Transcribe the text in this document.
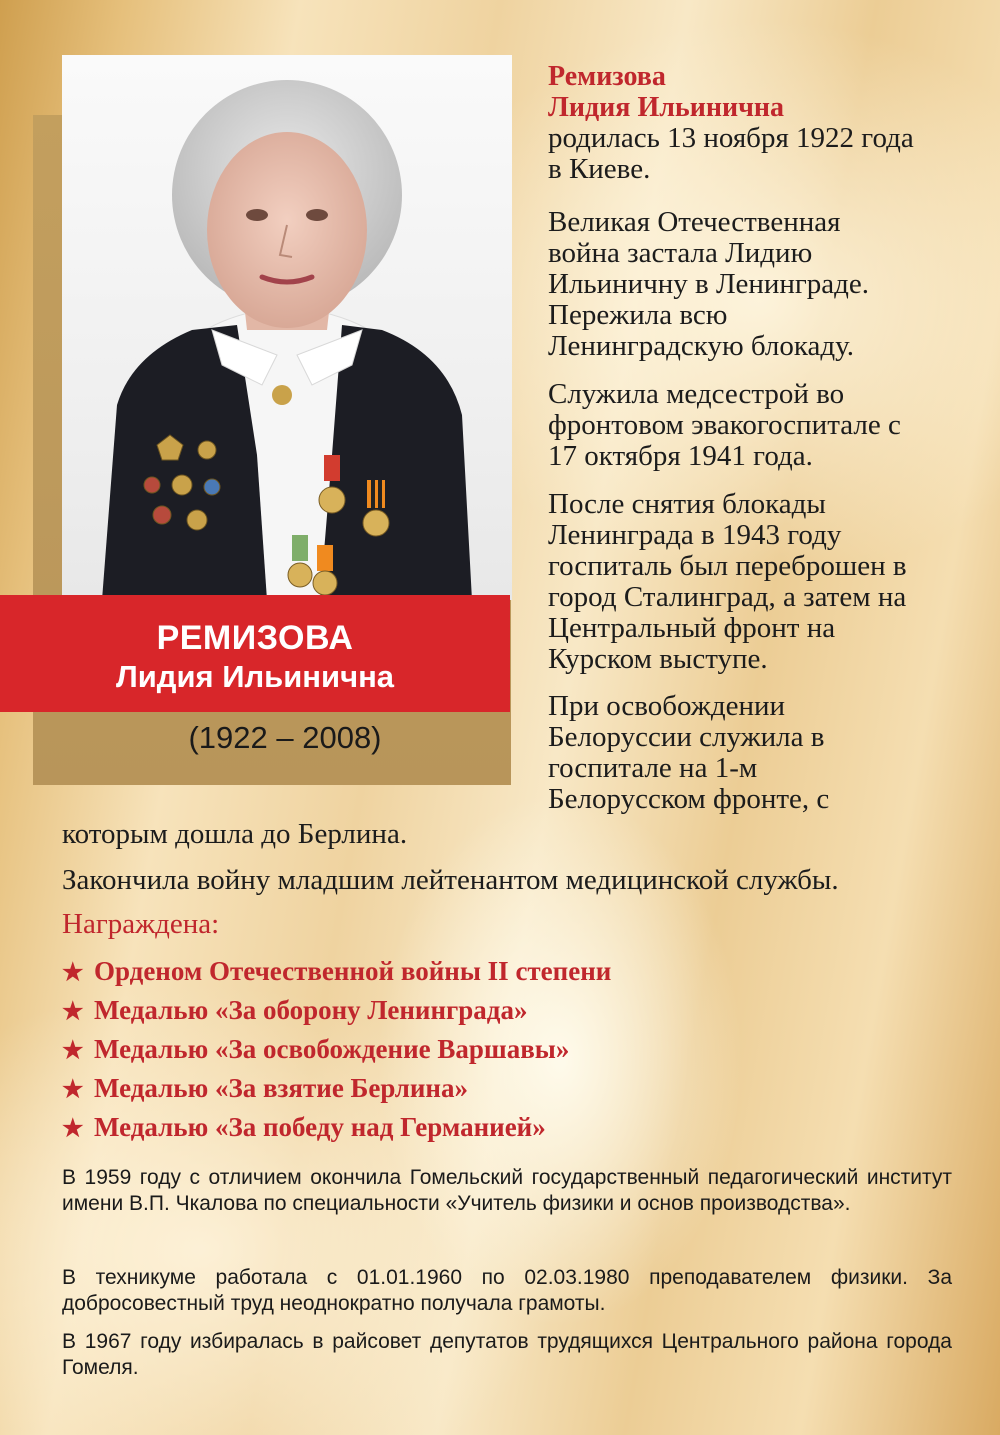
РЕМИЗОВА
Лидия Ильинична
(1922 – 2008)
Ремизова
Лидия Ильинична
родилась 13 ноября 1922 года
в Киеве.
Великая Отечественная
война застала Лидию
Ильиничну в Ленинграде.
Пережила всю
Ленинградскую блокаду.
Служила медсестрой во
фронтовом эвакогоспитале с
17 октября 1941 года.
После снятия блокады
Ленинграда в 1943 году
госпиталь был переброшен в
город Сталинград, а затем на
Центральный фронт на
Курском выступе.
При освобождении
Белоруссии служила в
госпитале на 1-м
Белорусском фронте, с
которым дошла до Берлина.
Закончила войну младшим лейтенантом медицинской службы.
Награждена:
★ Орденом Отечественной войны II степени
★ Медалью «За оборону Ленинграда»
★ Медалью «За освобождение Варшавы»
★ Медалью «За взятие Берлина»
★ Медалью «За победу над Германией»
В 1959 году с отличием окончила Гомельский государственный педагогический институт имени В.П. Чкалова по специальности «Учитель физики и основ производства».
В техникуме работала с 01.01.1960 по 02.03.1980 преподавателем физики. За добросовестный труд неоднократно получала грамоты.
В 1967 году избиралась в райсовет депутатов трудящихся Центрального района города Гомеля.
